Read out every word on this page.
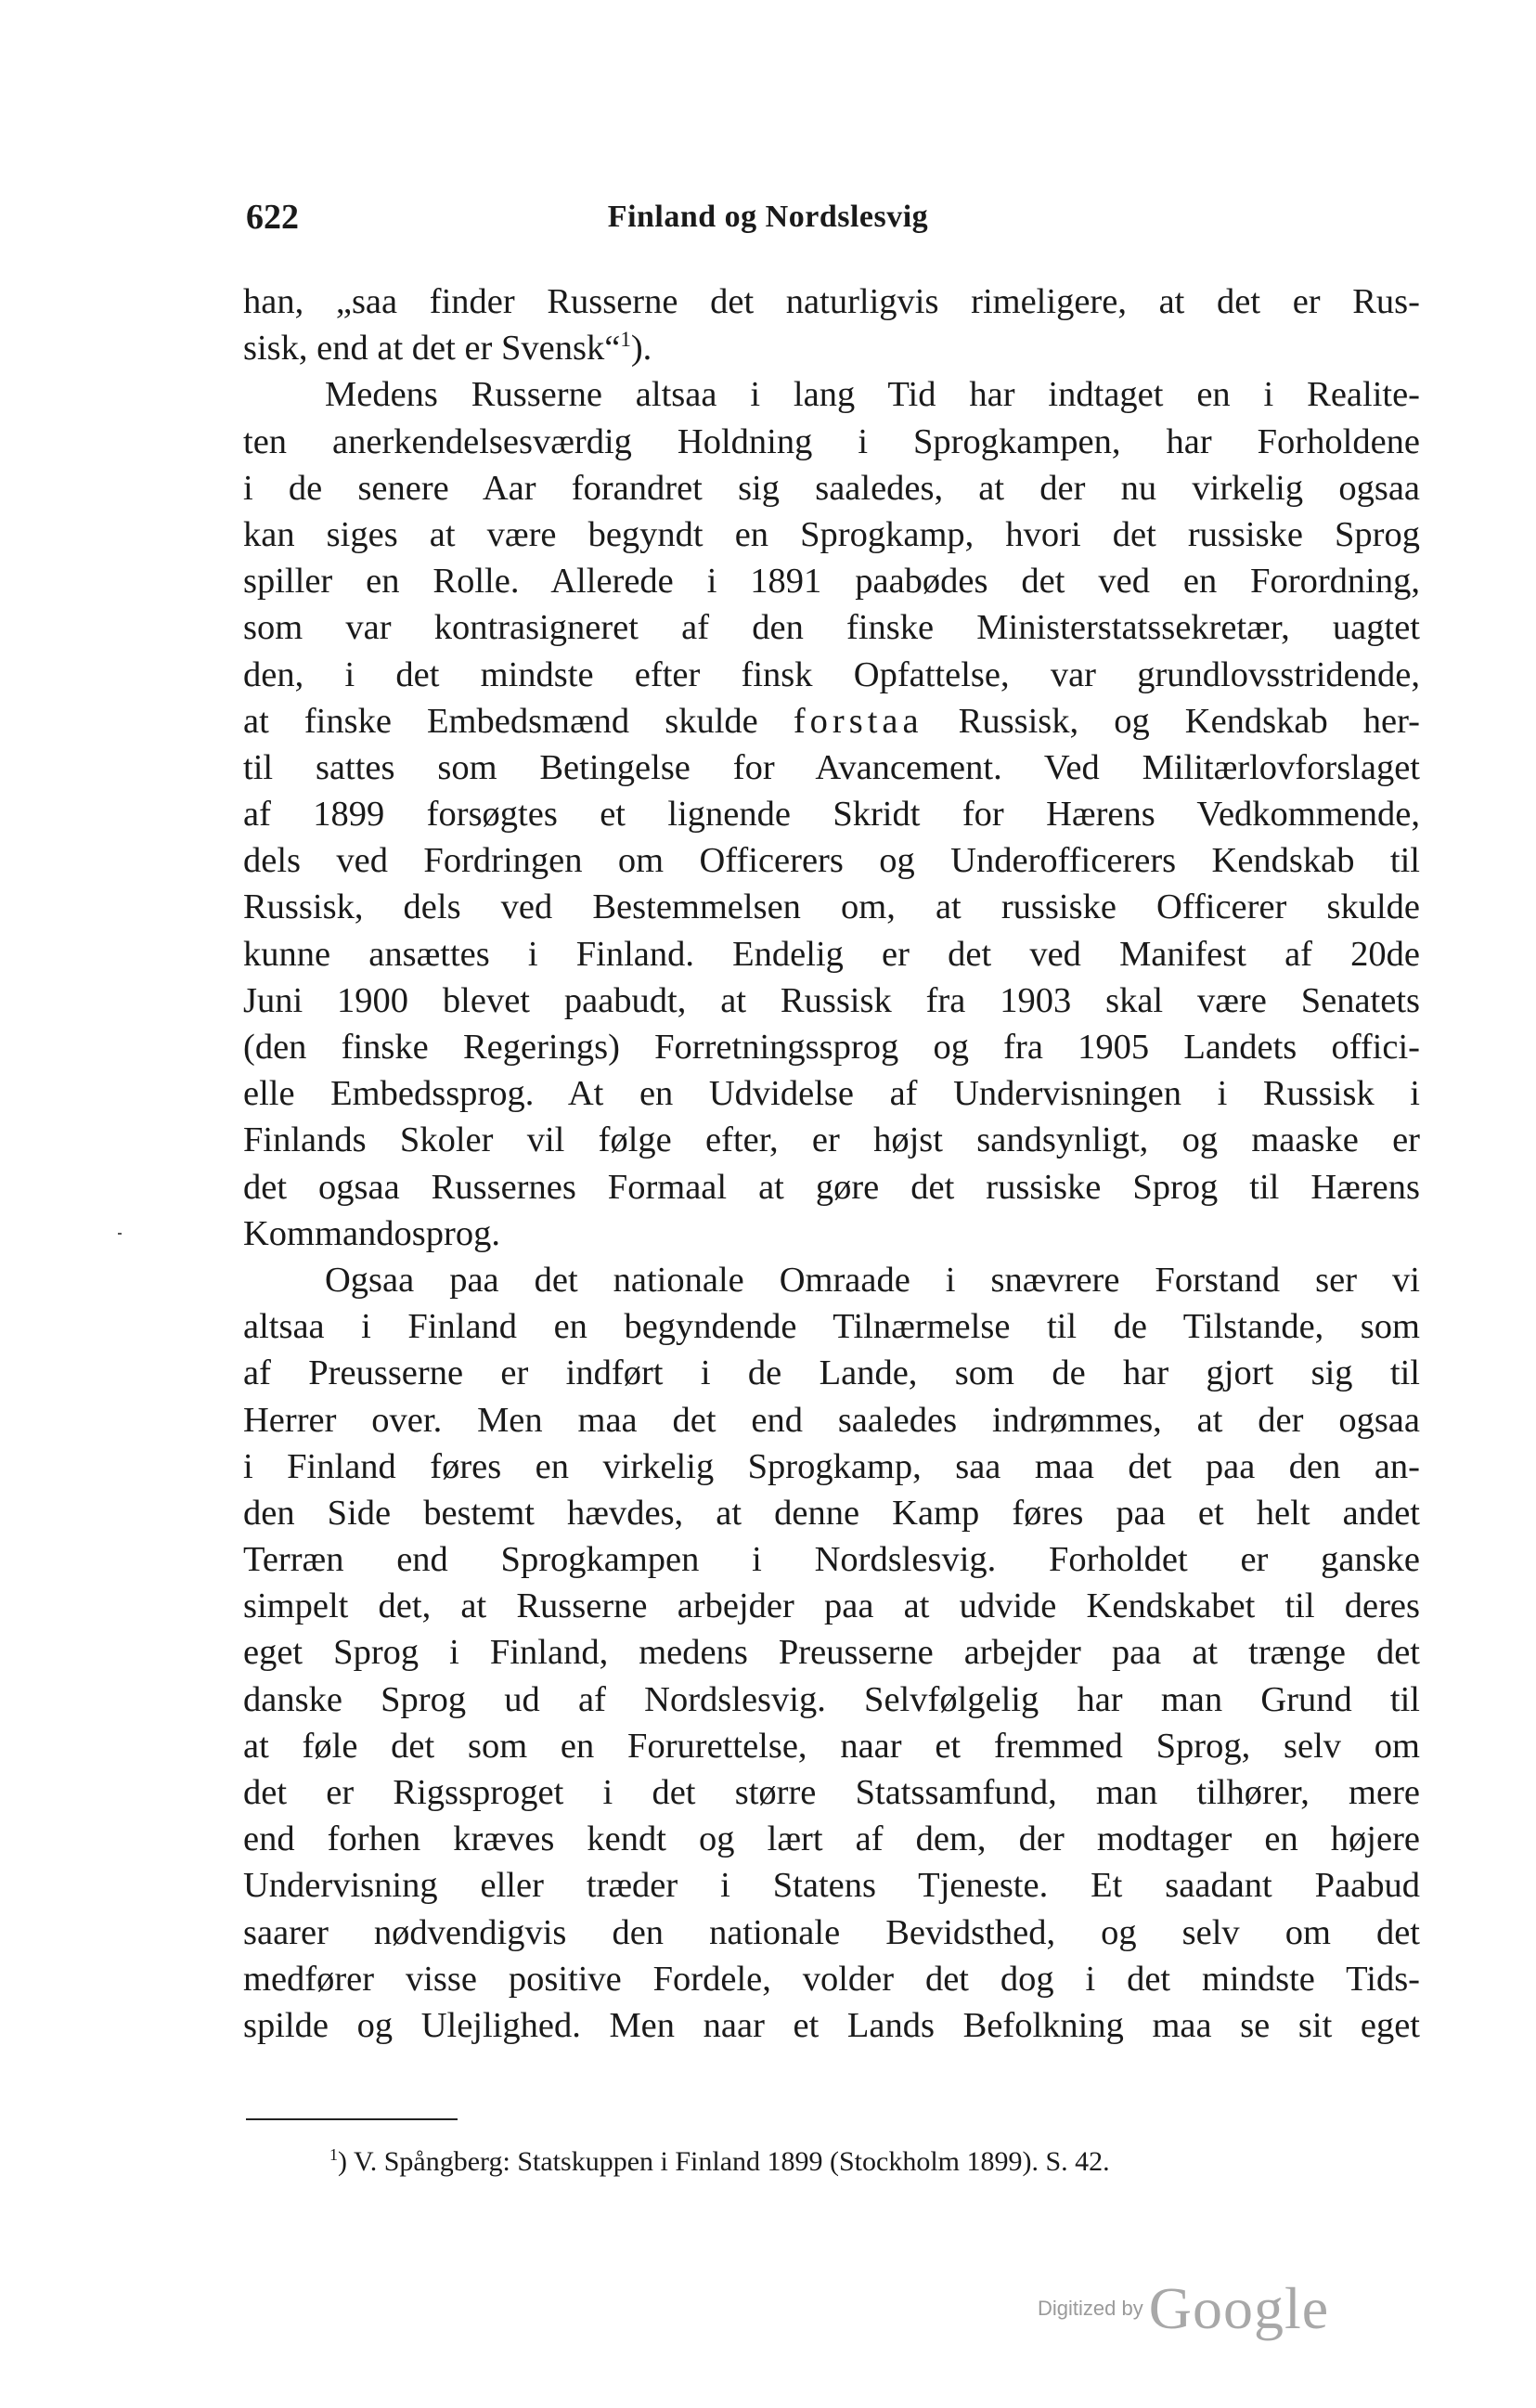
622	Finland og Nordslesvig
han, „saa finder Russerne det naturligvis rimeligere, at det er Rus-
sisk, end at det er Svensk“$^1$).
Medens Russerne altsaa i lang Tid har indtaget en i Realite-
ten anerkendelsesværdig Holdning i Sprogkampen, har Forholdene
i de senere Aar forandret sig saaledes, at der nu virkelig ogsaa
kan siges at være begyndt en Sprogkamp, hvori det russiske Sprog
spiller en Rolle. Allerede i 1891 paabødes det ved en Forordning,
som var kontrasigneret af den finske Ministerstatssekretær, uagtet
den, i det mindste efter finsk Opfattelse, var grundlovsstridende,
at finske Embedsmænd skulde forstaa Russisk, og Kendskab her-
til sattes som Betingelse for Avancement. Ved Militærlovforslaget
af 1899 forsøgtes et lignende Skridt for Hærens Vedkommende,
dels ved Fordringen om Officerers og Underofficerers Kendskab til
Russisk, dels ved Bestemmelsen om, at russiske Officerer skulde
kunne ansættes i Finland. Endelig er det ved Manifest af 20de
Juni 1900 blevet paabudt, at Russisk fra 1903 skal være Senatets
(den finske Regerings) Forretningssprog og fra 1905 Landets offici-
elle Embedssprog. At en Udvidelse af Undervisningen i Russisk i
Finlands Skoler vil følge efter, er højst sandsynligt, og maaske er
det ogsaa Russernes Formaal at gøre det russiske Sprog til Hærens
Kommandosprog.
Ogsaa paa det nationale Omraade i snævrere Forstand ser vi
altsaa i Finland en begyndende Tilnærmelse til de Tilstande, som
af Preusserne er indført i de Lande, som de har gjort sig til
Herrer over. Men maa det end saaledes indrømmes, at der ogsaa
i Finland føres en virkelig Sprogkamp, saa maa det paa den an-
den Side bestemt hævdes, at denne Kamp føres paa et helt andet
Terræn end Sprogkampen i Nordslesvig. Forholdet er ganske
simpelt det, at Russerne arbejder paa at udvide Kendskabet til deres
eget Sprog i Finland, medens Preusserne arbejder paa at trænge det
danske Sprog ud af Nordslesvig. Selvfølgelig har man Grund til
at føle det som en Forurettelse, naar et fremmed Sprog, selv om
det er Rigssproget i det større Statssamfund, man tilhører, mere
end forhen kræves kendt og lært af dem, der modtager en højere
Undervisning eller træder i Statens Tjeneste. Et saadant Paabud
saarer nødvendigvis den nationale Bevidsthed, og selv om det
medfører visse positive Fordele, volder det dog i det mindste Tids-
spilde og Ulejlighed. Men naar et Lands Befolkning maa se sit eget
$^1$) V. Spångberg: Statskuppen i Finland 1899 (Stockholm 1899). S. 42.
Digitized byGoogle
